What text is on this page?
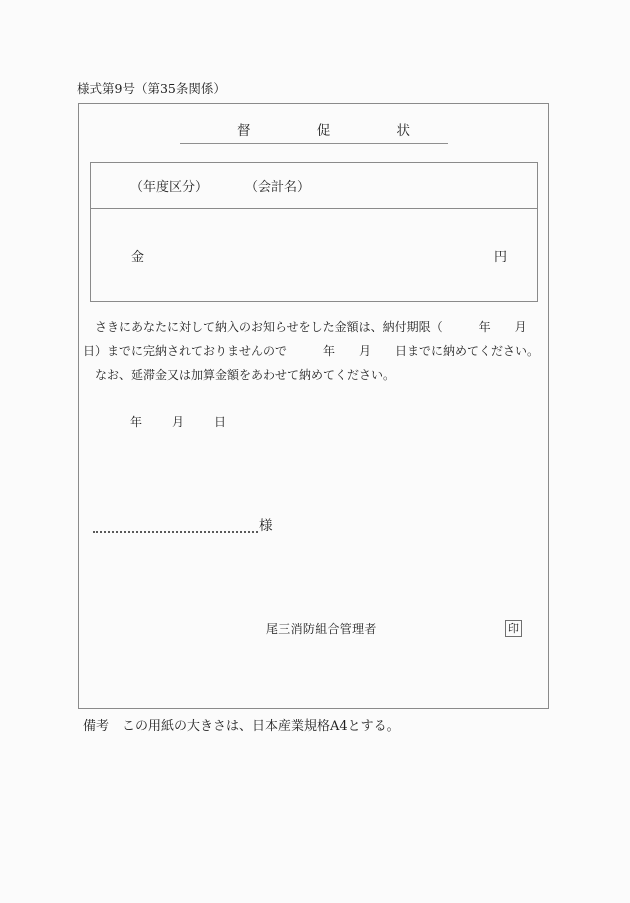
様式第9号（第35条関係）
督	促	状
（年度区分）	（会計名）
金	円
　さきにあなたに対して納入のお知らせをした金額は、納付期限（　　　年　　月
日）までに完納されておりませんので　　　年　　月　　日までに納めてください。
　なお、延滞金又は加算金額をあわせて納めてください。
年　　月　　日
様
尾三消防組合管理者	印
備考　この用紙の大きさは、日本産業規格A4とする。
